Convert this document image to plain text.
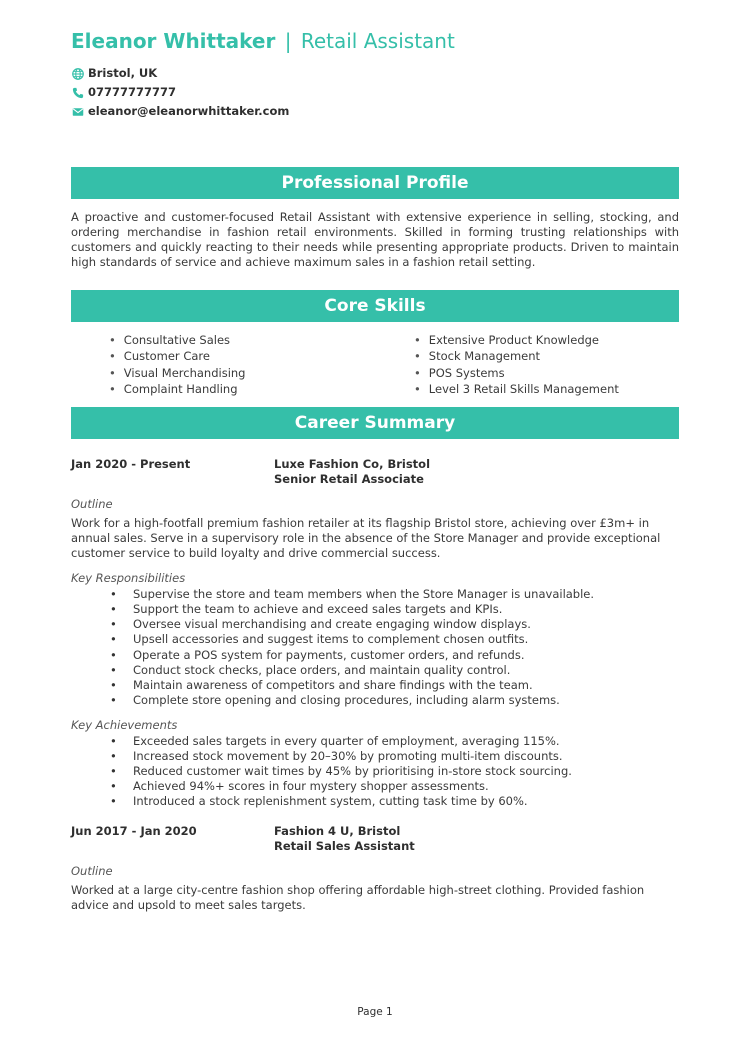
Eleanor Whittaker | Retail Assistant
Bristol, UK
07777777777
eleanor@eleanorwhittaker.com
Professional Profile

A proactive and customer-focused Retail Assistant with extensive experience in selling, stocking, and ordering merchandise in fashion retail environments. Skilled in forming trusting relationships with customers and quickly reacting to their needs while presenting appropriate products. Driven to maintain high standards of service and achieve maximum sales in a fashion retail setting.

Core Skills
• Consultative Sales
• Customer Care
• Visual Merchandising
• Complaint Handling
• Extensive Product Knowledge
• Stock Management
• POS Systems
• Level 3 Retail Skills Management
Career Summary
Jan 2020 - Present	Luxe Fashion Co, Bristol
Senior Retail Associate
Outline

Work for a high-footfall premium fashion retailer at its flagship Bristol store, achieving over £3m+ in annual sales. Serve in a supervisory role in the absence of the Store Manager and provide exceptional customer service to build loyalty and drive commercial success.

Key Responsibilities
• Supervise the store and team members when the Store Manager is unavailable.
• Support the team to achieve and exceed sales targets and KPIs.
• Oversee visual merchandising and create engaging window displays.
• Upsell accessories and suggest items to complement chosen outfits.
• Operate a POS system for payments, customer orders, and refunds.
• Conduct stock checks, place orders, and maintain quality control.
• Maintain awareness of competitors and share findings with the team.
• Complete store opening and closing procedures, including alarm systems.
Key Achievements
• Exceeded sales targets in every quarter of employment, averaging 115%.
• Increased stock movement by 20–30% by promoting multi-item discounts.
• Reduced customer wait times by 45% by prioritising in-store stock sourcing.
• Achieved 94%+ scores in four mystery shopper assessments.
• Introduced a stock replenishment system, cutting task time by 60%.
Jun 2017 - Jan 2020	Fashion 4 U, Bristol
Retail Sales Assistant
Outline

Worked at a large city-centre fashion shop offering affordable high-street clothing. Provided fashion advice and upsold to meet sales targets.

Page 1
